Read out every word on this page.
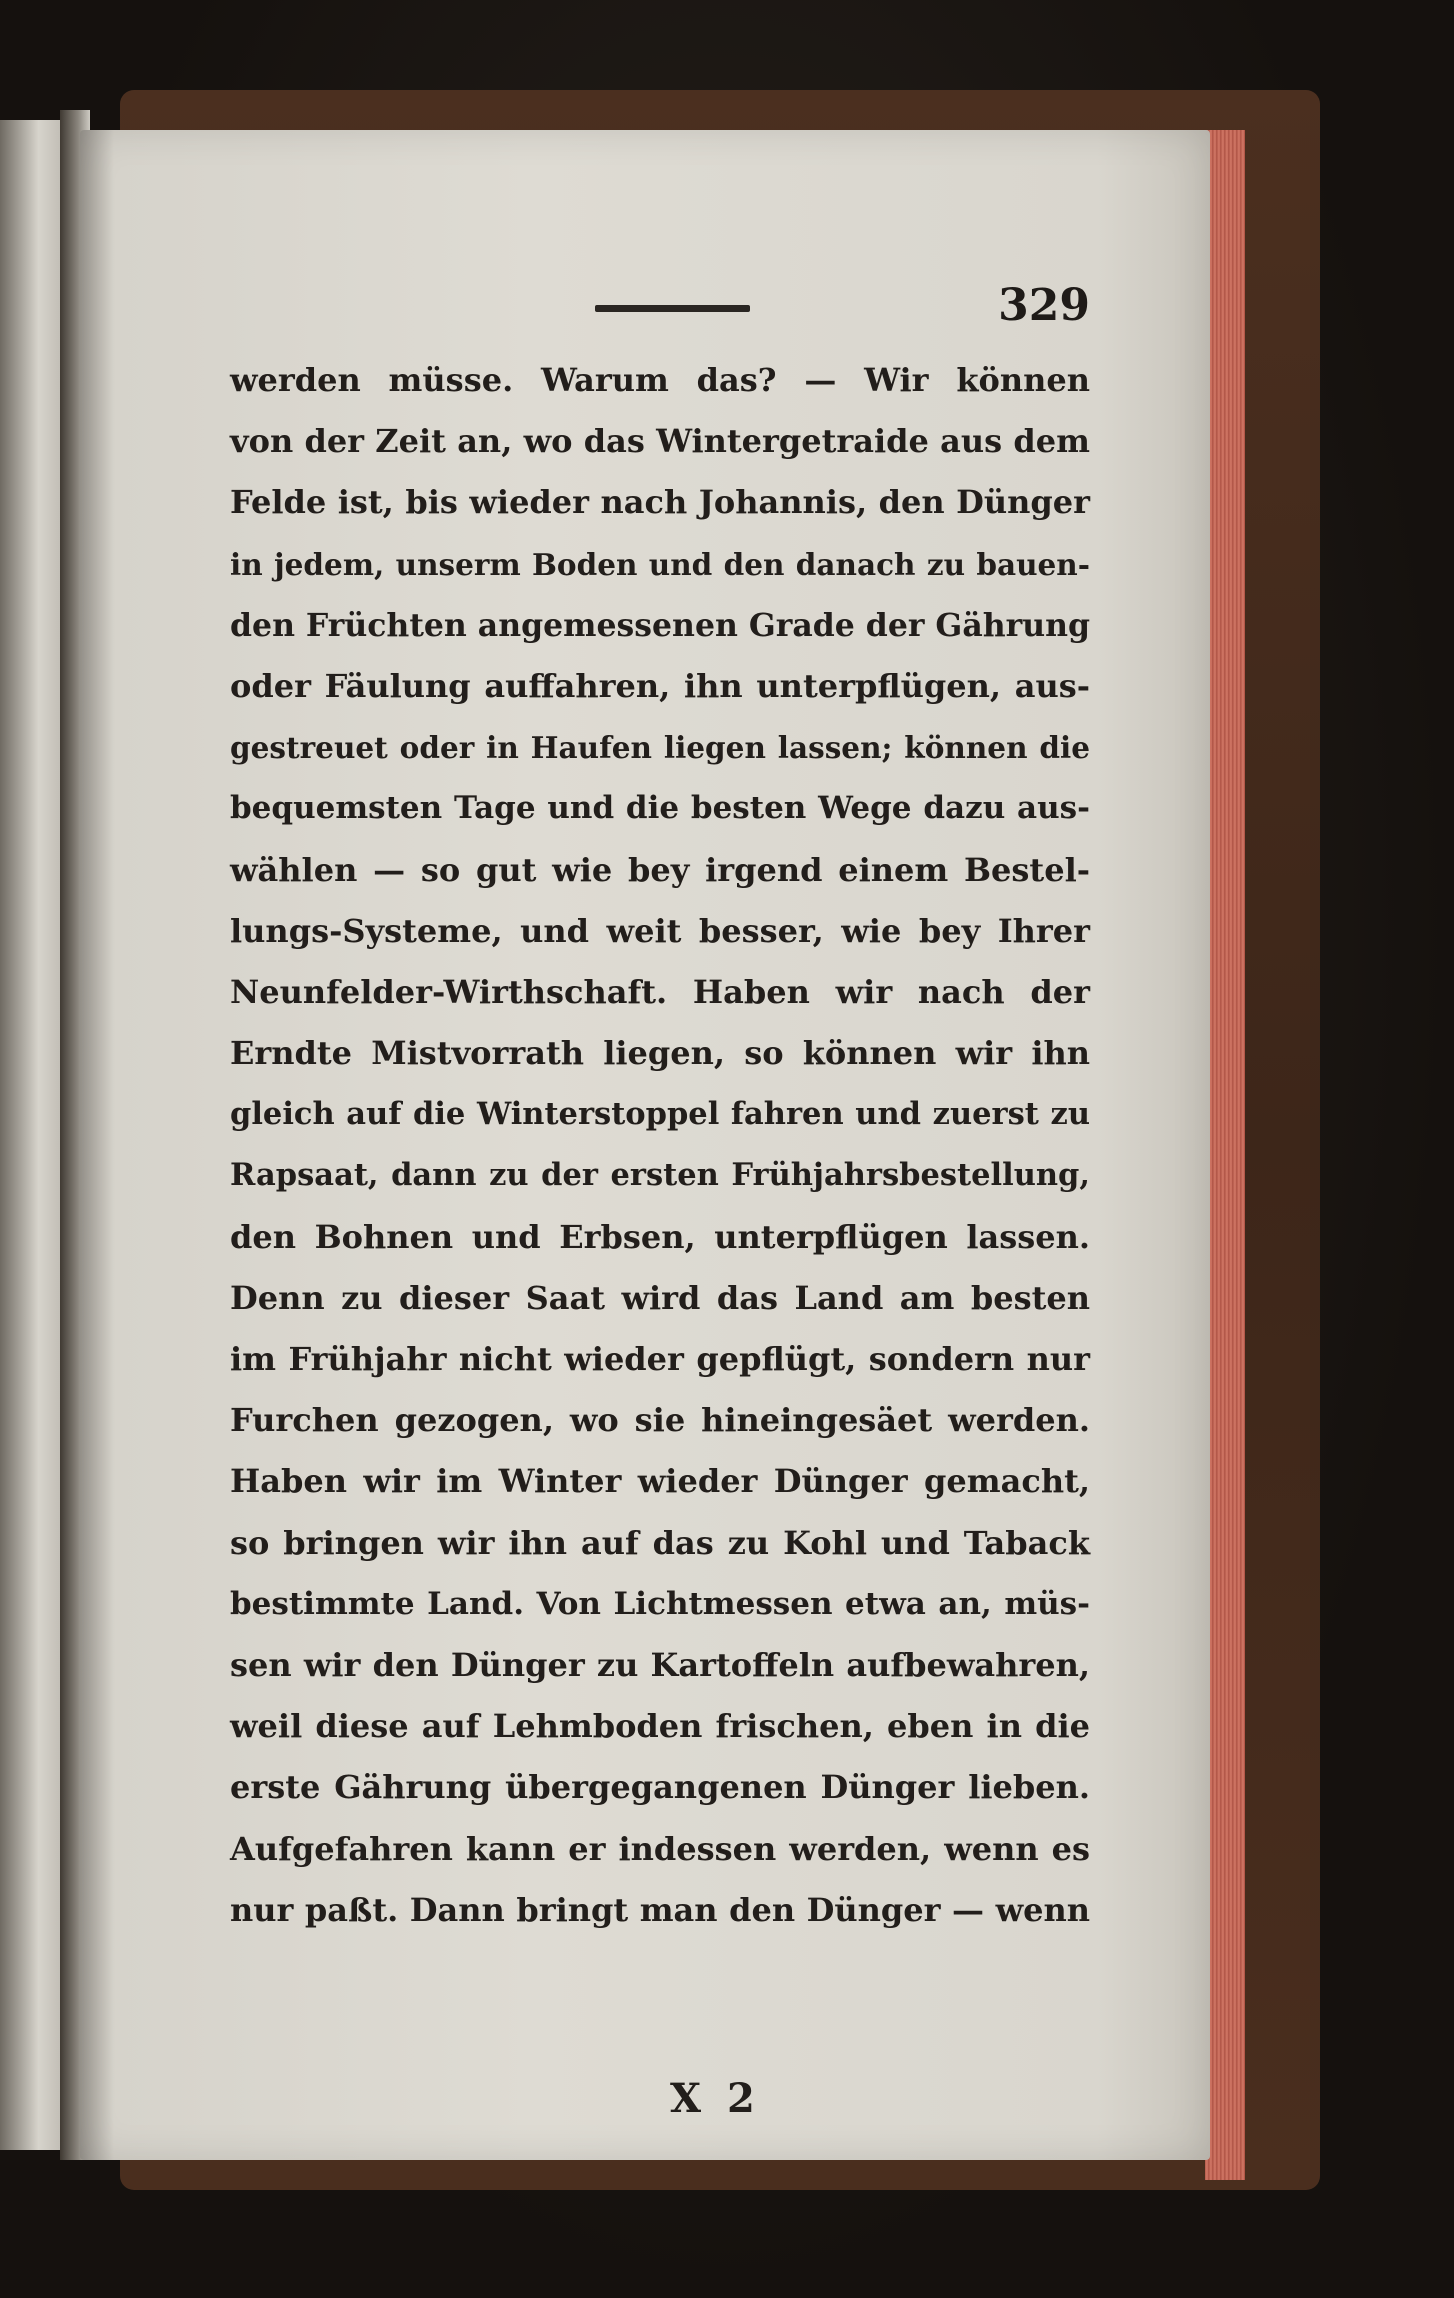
329
werden müsse. Warum das? — Wir können
von der Zeit an, wo das Wintergetraide aus dem
Felde ist, bis wieder nach Johannis, den Dünger
in jedem, unserm Boden und den danach zu bauen-
den Früchten angemessenen Grade der Gährung
oder Fäulung auffahren, ihn unterpflügen, aus-
gestreuet oder in Haufen liegen lassen; können die
bequemsten Tage und die besten Wege dazu aus-
wählen — so gut wie bey irgend einem Bestel-
lungs-Systeme, und weit besser, wie bey Ihrer
Neunfelder-Wirthschaft. Haben wir nach der
Erndte Mistvorrath liegen, so können wir ihn
gleich auf die Winterstoppel fahren und zuerst zu
Rapsaat, dann zu der ersten Frühjahrsbestellung,
den Bohnen und Erbsen, unterpflügen lassen.
Denn zu dieser Saat wird das Land am besten
im Frühjahr nicht wieder gepflügt, sondern nur
Furchen gezogen, wo sie hineingesäet werden.
Haben wir im Winter wieder Dünger gemacht,
so bringen wir ihn auf das zu Kohl und Taback
bestimmte Land. Von Lichtmessen etwa an, müs-
sen wir den Dünger zu Kartoffeln aufbewahren,
weil diese auf Lehmboden frischen, eben in die
erste Gährung übergegangenen Dünger lieben.
Aufgefahren kann er indessen werden, wenn es
nur paßt. Dann bringt man den Dünger — wenn
X 2
